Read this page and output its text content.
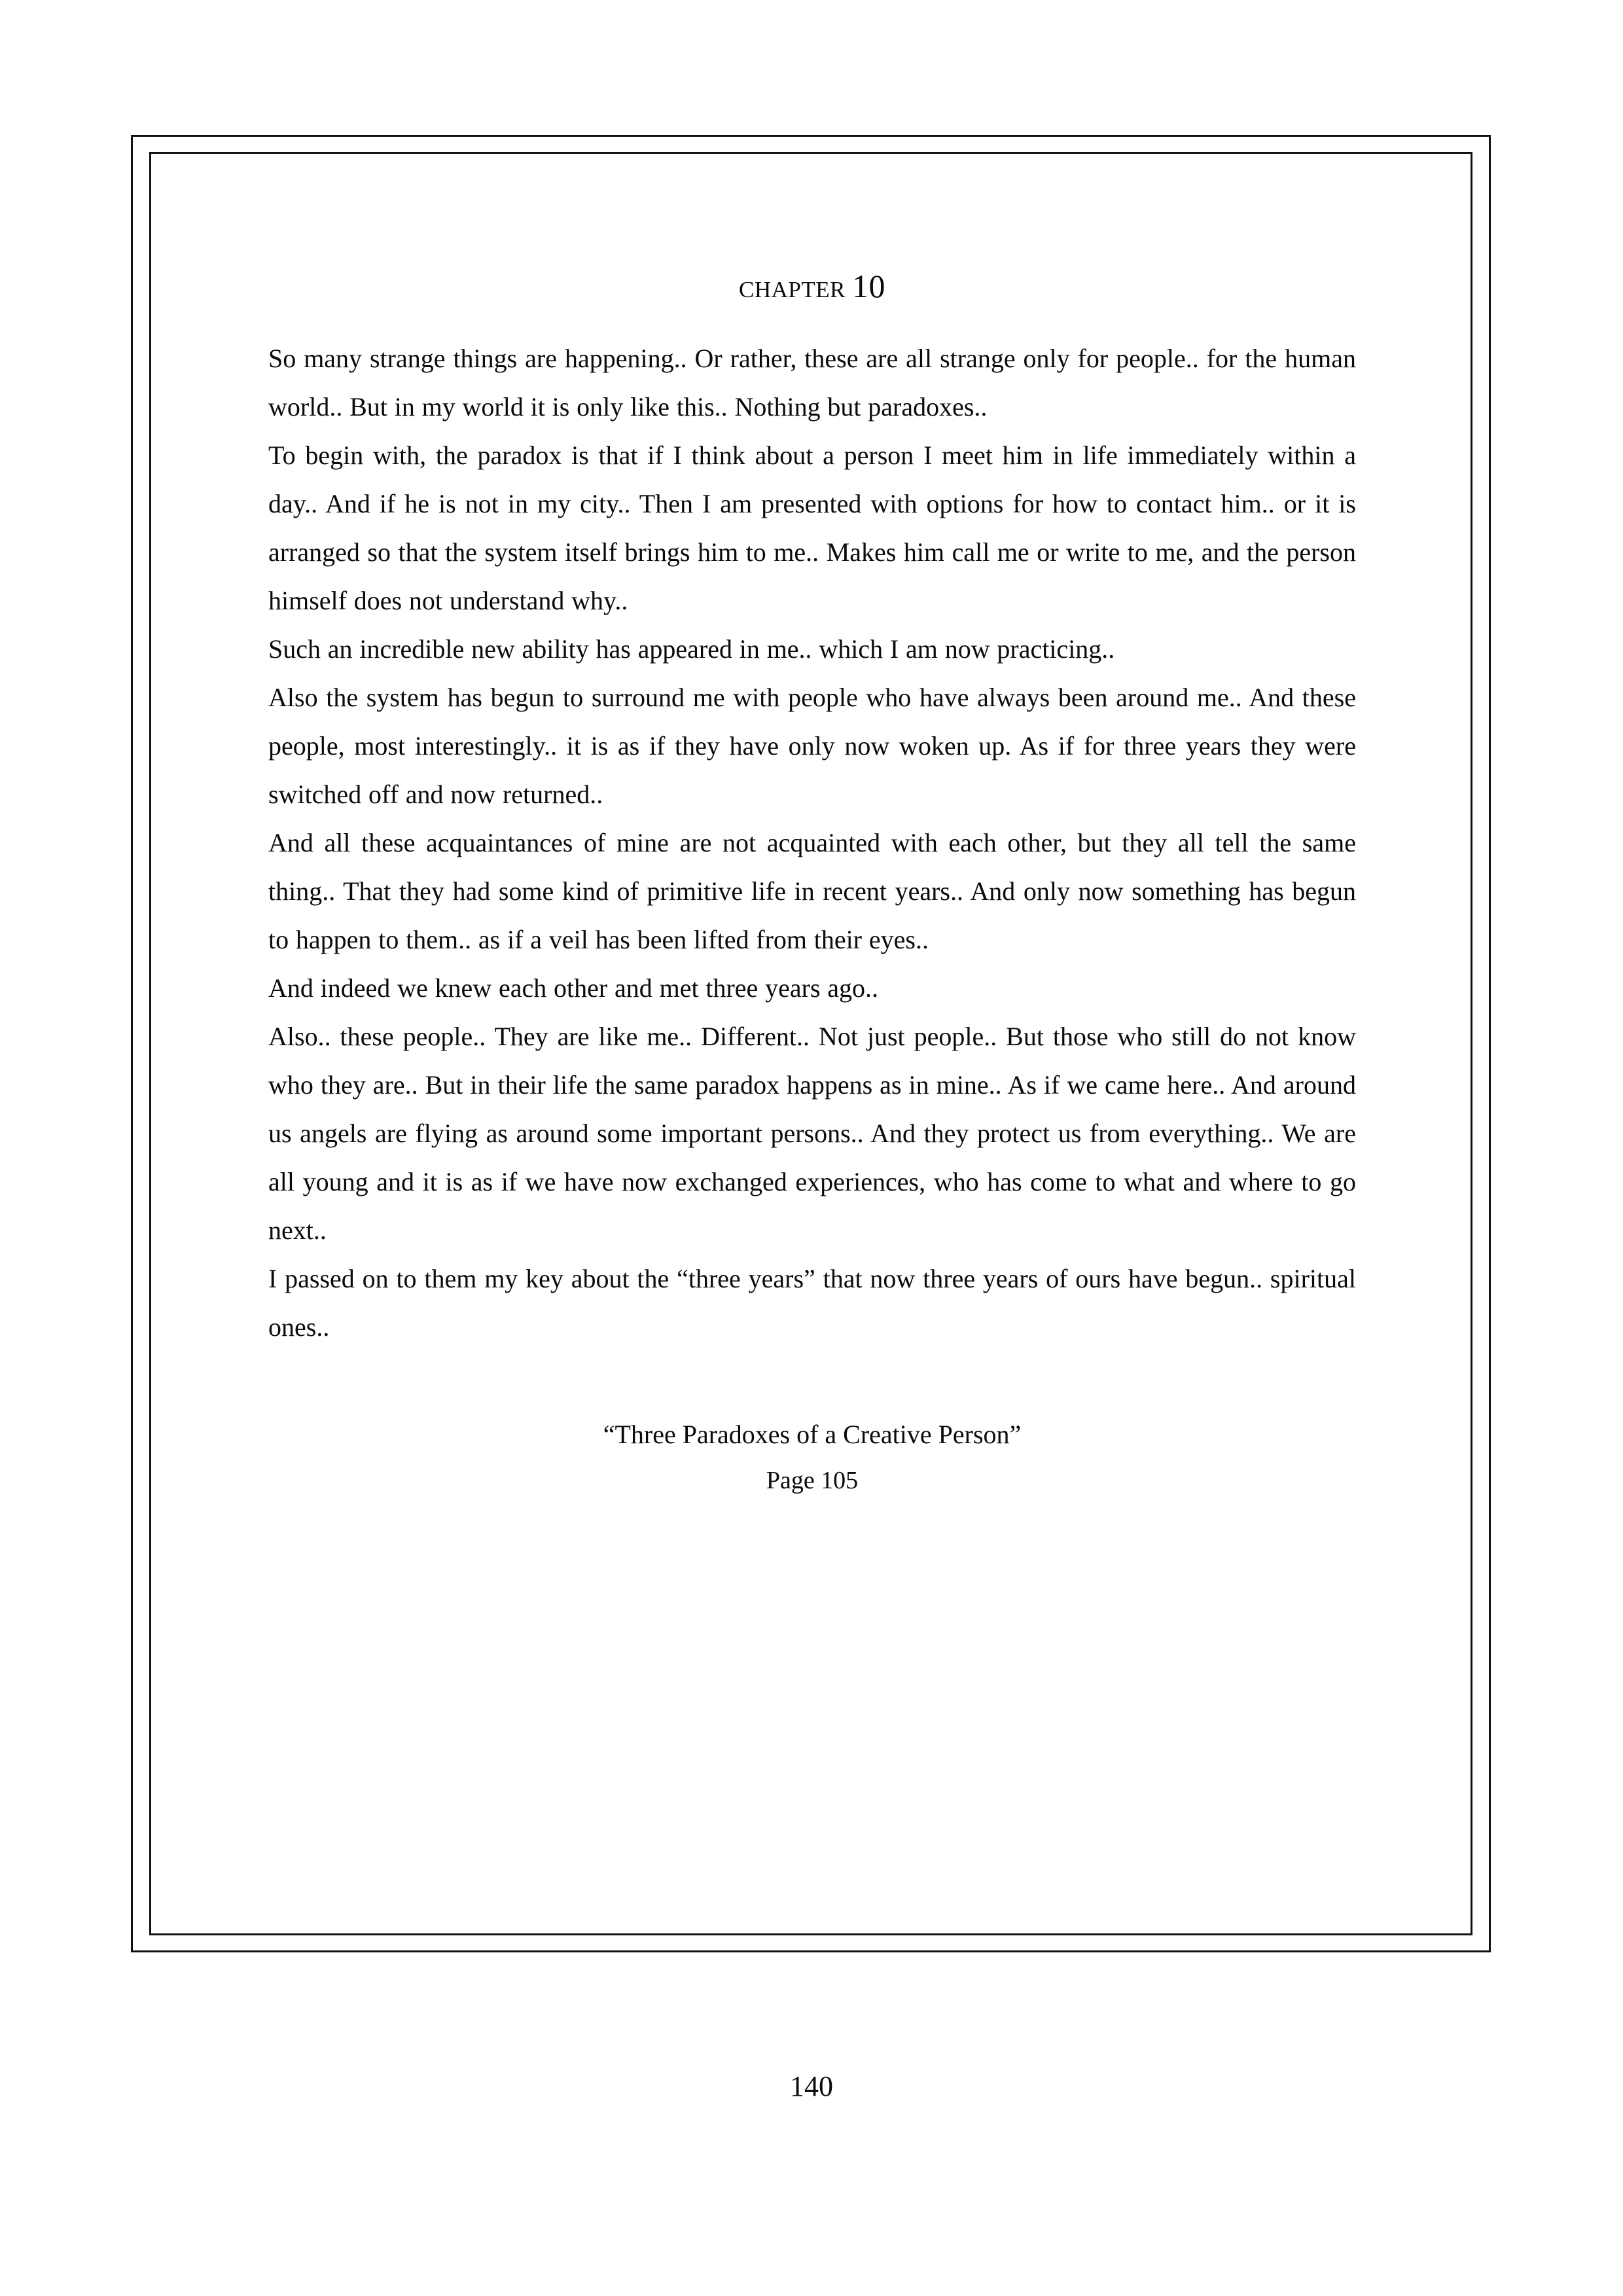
chapter 10

So many strange things are happening.. Or rather, these are all strange only for people.. for the human world.. But in my world it is only like this.. Nothing but paradoxes..

To begin with, the paradox is that if I think about a person I meet him in life immediately within a day.. And if he is not in my city.. Then I am presented with options for how to contact him.. or it is arranged so that the system itself brings him to me.. Makes him call me or write to me, and the person himself does not understand why..

Such an incredible new ability has appeared in me.. which I am now practicing..

Also the system has begun to surround me with people who have always been around me.. And these people, most interestingly.. it is as if they have only now woken up. As if for three years they were switched off and now returned..

And all these acquaintances of mine are not acquainted with each other, but they all tell the same thing.. That they had some kind of primitive life in recent years.. And only now something has begun to happen to them.. as if a veil has been lifted from their eyes..

And indeed we knew each other and met three years ago..

Also.. these people.. They are like me.. Different.. Not just people.. But those who still do not know who they are.. But in their life the same paradox happens as in mine.. As if we came here.. And around us angels are flying as around some important persons.. And they protect us from everything.. We are all young and it is as if we have now exchanged experiences, who has come to what and where to go next..

I passed on to them my key about the “three years” that now three years of ours have begun.. spiritual ones..

“Three Paradoxes of a Creative Person”

Page 105

140
